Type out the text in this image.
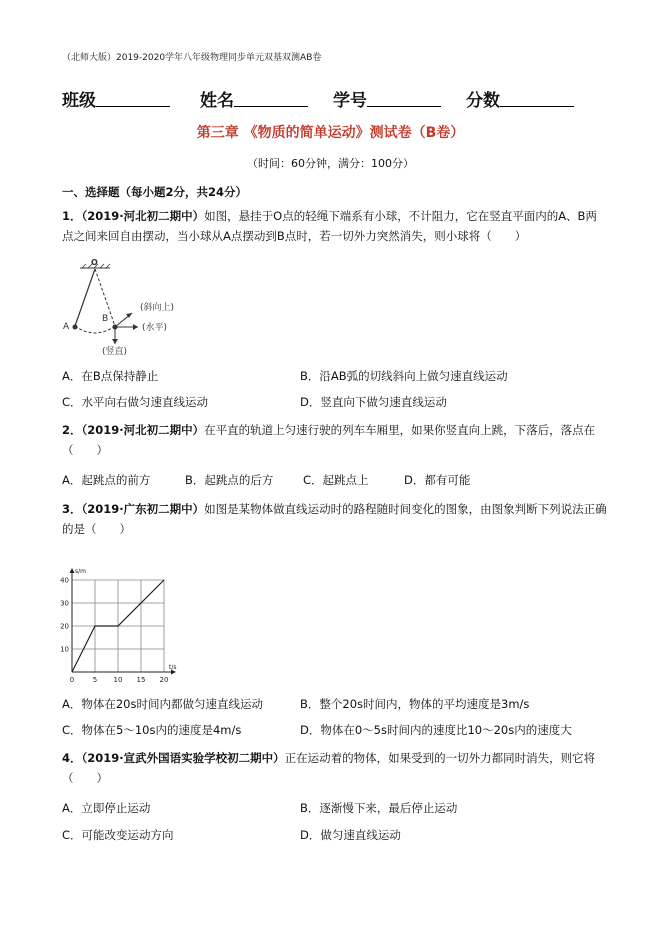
（北师大版）2019-2020学年八年级物理同步单元双基双测AB卷
班级	姓名	学号	分数
第三章 《物质的简单运动》测试卷（B卷）
（时间：60分钟，满分：100分）
一、选择题（每小题2分，共24分）
1．（2019·河北初二期中）如图，悬挂于O点的轻绳下端系有小球，不计阻力，它在竖直平面内的A、B两
点之间来回自由摆动，当小球从A点摆动到B点时，若一切外力突然消失，则小球将（　　）
O
A
B
(斜向上)
(水平)
(竖直)
A．在B点保持静止	B．沿AB弧的切线斜向上做匀速直线运动
C．水平向右做匀速直线运动	D．竖直向下做匀速直线运动
2．（2019·河北初二期中）在平直的轨道上匀速行驶的列车车厢里，如果你竖直向上跳，下落后，落点在
（　　）
A．起跳点的前方	B．起跳点的后方	C．起跳点上	D．都有可能
3．（2019·广东初二期中）如图是某物体做直线运动时的路程随时间变化的图象，由图象判断下列说法正确
的是（　　）
0	5 10 15 20
10
20
30
40
t/s
s/m
A．物体在20s时间内都做匀速直线运动	B．整个20s时间内，物体的平均速度是3m/s
C．物体在5～10s内的速度是4m/s	D．物体在0～5s时间内的速度比10～20s内的速度大
4．（2019·宣武外国语实验学校初二期中）正在运动着的物体，如果受到的一切外力都同时消失，则它将
（　　）
A．立即停止运动	B．逐渐慢下来，最后停止运动
C．可能改变运动方向	D．做匀速直线运动
